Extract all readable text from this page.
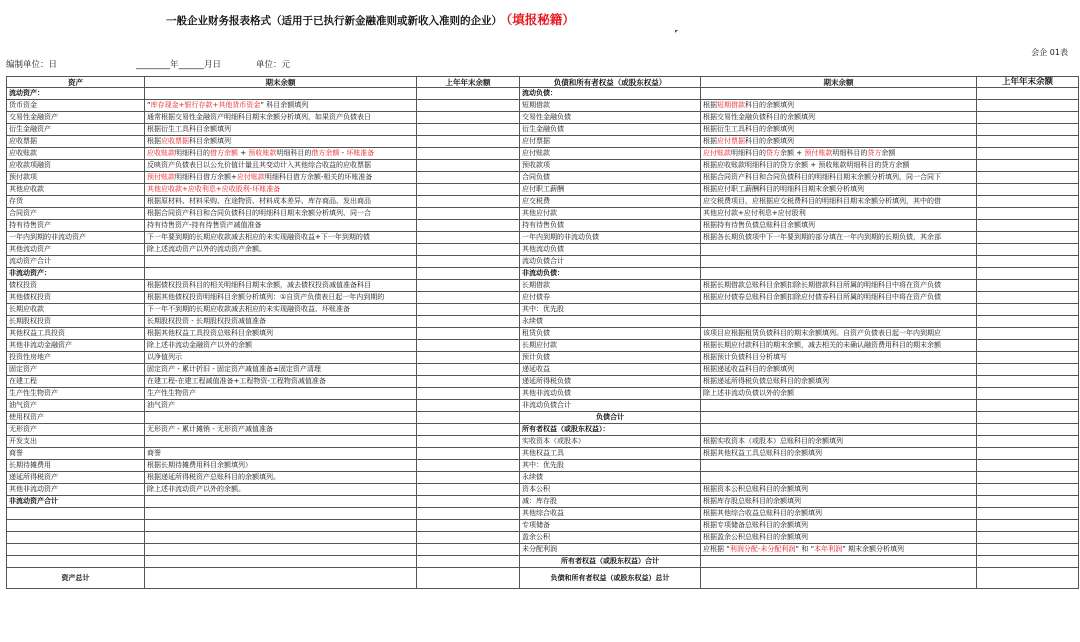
一般企业财务报表格式（适用于已执行新金融准则或新收入准则的企业） （填报秘籍）
会企 01表
编制单位：日	________年______月日	单位：元
资产	期末余额	上年年末余额	负债和所有者权益（或股东权益）	期末余额	上年年末余额
流动资产：			流动负债：		
货币资金	“库存现金+银行存款+其他货币资金” 科目余额填列		短期借款	根据短期借款科目的余额填列	
交易性金融资产	通常根据交易性金融资产明细科目期末余额分析填列，如果资产负债表日		交易性金融负债	根据交易性金融负债科目的余额填列	
衍生金融资产	根据衍生工具科目余额填列		衍生金融负债	根据衍生工具科目的余额填列	
应收票据	根据应收票据科目余额填列		应付票据	根据应付票据科目的余额填列	
应收账款	应收账款明细科目的借方余额 + 预收账款明细科目的借方余额 - 坏账准备		应付账款	应付账款明细科目的贷方余额 + 预付账款明细科目的贷方余额	
应收款项融资	反映资产负债表日以公允价值计量且其变动计入其他综合收益的应收票据		预收款项	根据应收账款明细科目的贷方余额 + 预收账款明细科目的贷方余额	
预付款项	预付账款明细科目借方余额+应付账款明细科目借方余额-相关的坏账准备		合同负债	根据合同资产科目和合同负债科目的明细科目期末余额分析填列，同一合同下	
其他应收款	其他应收款+应收利息+应收股利-坏账准备		应付职工薪酬	根据应付职工薪酬科目的明细科目期末余额分析填列	
存货	根据原材料、材料采购、在途物资、材料成本差异、库存商品、发出商品		应交税费	应交税费项目，应根据应交税费科目的明细科目期末余额分析填列，其中的借	
合同资产	根据合同资产科目和合同负债科目的明细科目期末余额分析填列，同一合		其他应付款	其他应付款+应付利息+应付股利	
持有待售资产	持有待售资产-持有待售资产减值准备		持有待售负债	根据持有待售负债总账科目余额填列	
一年内到期的非流动资产	下一年要到期的长期应收款减去相应的未实现融资收益+下一年到期的债		一年内到期的非流动负债	根据各长期负债项中下一年要到期的部分填在一年内到期的长期负债，其余部	
其他流动资产	除上述流动资产以外的流动资产余额。		其他流动负债		
流动资产合计			流动负债合计		
非流动资产：			非流动负债：		
债权投资	根据债权投资科目的相关明细科目期末余额，减去债权投资减值准备科目		长期借款	根据长期借款总账科目余额扣除长期借款科目所属的明细科目中将在资产负债	
其他债权投资	根据其他债权投资明细科目余额分析填列：①自资产负债表日起一年内到期的		应付债券	根据应付债券总账科目余额扣除应付债券科目所属的明细科目中将在资产负债	
长期应收款	下一年不到期的长期应收款减去相应的未实现融资收益、坏账准备		其中：优先股		
长期股权投资	长期股权投资 - 长期股权投资减值准备		永续债		
其他权益工具投资	根据其他权益工具投资总账科目余额填列		租赁负债	该项目应根据租赁负债科目的期末余额填列。自资产负债表日起一年内到期应	
其他非流动金融资产	除上述非流动金融资产以外的余额		长期应付款	根据长期应付款科目的期末余额，减去相关的未确认融资费用科目的期末余额	
投资性房地产	以净值列示		预计负债	根据预计负债科目分析填写	
固定资产	固定资产 - 累计折旧 - 固定资产减值准备±固定资产清理		递延收益	根据递延收益科目的余额填列	
在建工程	在建工程-在建工程减值准备+工程物资-工程物资减值准备		递延所得税负债	根据递延所得税负债总账科目的余额填列	
生产性生物资产	生产性生物资产		其他非流动负债	除上述非流动负债以外的余额	
油气资产	油气资产		非流动负债合计		
使用权资产			负债合计		
无形资产	无形资产 - 累计摊销 - 无形资产减值准备		所有者权益（或股东权益）：		
开发支出			实收资本（或股本）	根据实收资本（或股本）总账科目的余额填列	
商誉	商誉		其他权益工具	根据其他权益工具总账科目的余额填列	
长期待摊费用	根据长期待摊费用科目余额填列）		其中：优先股		
递延所得税资产	根据递延所得税资产总账科目的余额填列。		永续债		
其他非流动资产	除上述非流动资产以外的余额。		资本公积	根据资本公积总账科目的余额填列	
非流动资产合计			减：库存股	根据库存股总账科目的余额填列	
			其他综合收益	根据其他综合收益总账科目的余额填列	
			专项储备	根据专项储备总账科目的余额填列	
			盈余公积	根据盈余公积总账科目的余额填列	
			未分配利润	应根据 “利润分配-未分配利润” 和 “本年利润” 期末余额分析填列	
			所有者权益（或股东权益）合计		
资产总计			负债和所有者权益（或股东权益）总计		
